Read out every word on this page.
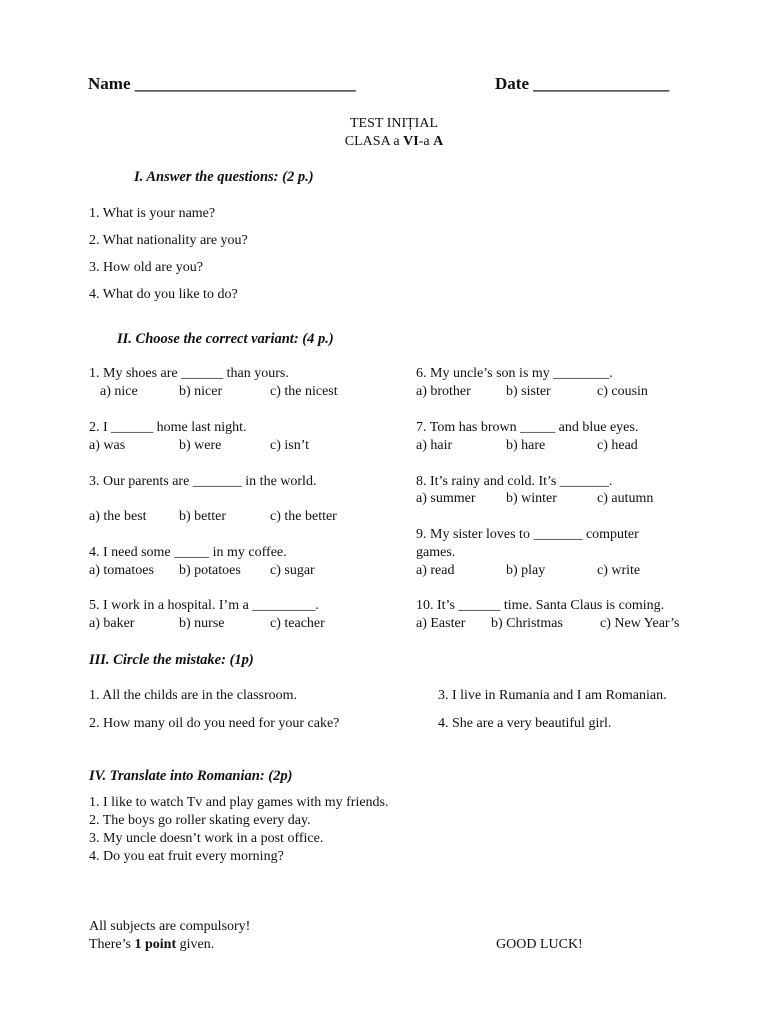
Name __________________________	Date ________________
TEST INIȚIAL
CLASA a VI-a A
I. Answer the questions: (2 p.)
1. What is your name?
2. What nationality are you?
3. How old are you?
4. What do you like to do?
II. Choose the correct variant: (4 p.)
1. My shoes are ______ than yours.
a) nice	b) nicer	c) the nicest
2. I ______ home last night.
a) was	b) were	c) isn’t
3. Our parents are _______ in the world.
a) the best b) better	c) the better
4. I need some _____ in my coffee.
a) tomatoes b) potatoes c) sugar
5. I work in a hospital. I’m a _________.
a) baker	b) nurse	c) teacher
6. My uncle’s son is my ________.
a) brother	b) sister	c) cousin
7. Tom has brown _____ and blue eyes.
a) hair	b) hare	c) head
8. It’s rainy and cold. It’s _______.
a) summer b) winter	c) autumn
9. My sister loves to _______ computer
games.
a) read	b) play	c) write
10. It’s ______ time. Santa Claus is coming.
a) Easter b) Christmas	c) New Year’s
III. Circle the mistake: (1p)
1. All the childs are in the classroom.	3. I live in Rumania and I am Romanian.
2. How many oil do you need for your cake?	4. She are a very beautiful girl.
IV. Translate into Romanian: (2p)
1. I like to watch Tv and play games with my friends.
2. The boys go roller skating every day.
3. My uncle doesn’t work in a post office.
4. Do you eat fruit every morning?
All subjects are compulsory!
There’s 1 point given.	GOOD LUCK!
